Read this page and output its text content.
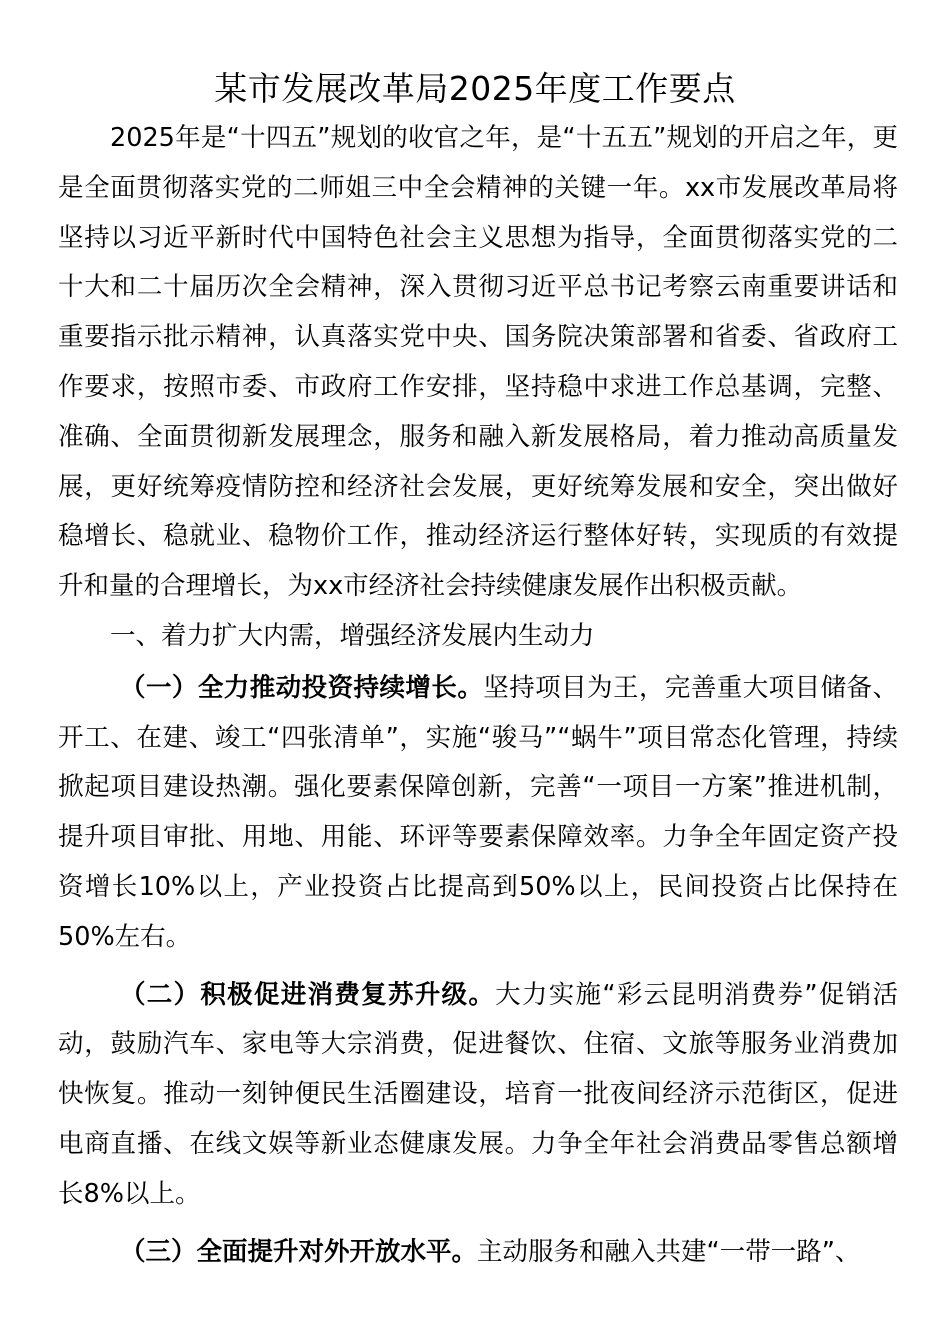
某市发展改革局2025年度工作要点

2025年是“十四五”规划的收官之年，是“十五五”规划的开启之年，更是全面贯彻落实党的二师姐三中全会精神的关键一年。xx市发展改革局将坚持以习近平新时代中国特色社会主义思想为指导，全面贯彻落实党的二十大和二十届历次全会精神，深入贯彻习近平总书记考察云南重要讲话和重要指示批示精神，认真落实党中央、国务院决策部署和省委、省政府工作要求，按照市委、市政府工作安排，坚持稳中求进工作总基调，完整、准确、全面贯彻新发展理念，服务和融入新发展格局，着力推动高质量发展，更好统筹疫情防控和经济社会发展，更好统筹发展和安全，突出做好稳增长、稳就业、稳物价工作，推动经济运行整体好转，实现质的有效提升和量的合理增长，为xx市经济社会持续健康发展作出积极贡献。

一、着力扩大内需，增强经济发展内生动力

（一）全力推动投资持续增长。坚持项目为王，完善重大项目储备、开工、在建、竣工“四张清单”，实施“骏马”“蜗牛”项目常态化管理，持续掀起项目建设热潮。强化要素保障创新，完善“一项目一方案”推进机制，提升项目审批、用地、用能、环评等要素保障效率。力争全年固定资产投资增长10%以上，产业投资占比提高到50%以上，民间投资占比保持在50%左右。

（二）积极促进消费复苏升级。大力实施“彩云昆明消费券”促销活动，鼓励汽车、家电等大宗消费，促进餐饮、住宿、文旅等服务业消费加快恢复。推动一刻钟便民生活圈建设，培育一批夜间经济示范街区，促进电商直播、在线文娱等新业态健康发展。力争全年社会消费品零售总额增长8%以上。

（三）全面提升对外开放水平。主动服务和融入共建“一带一路”、
